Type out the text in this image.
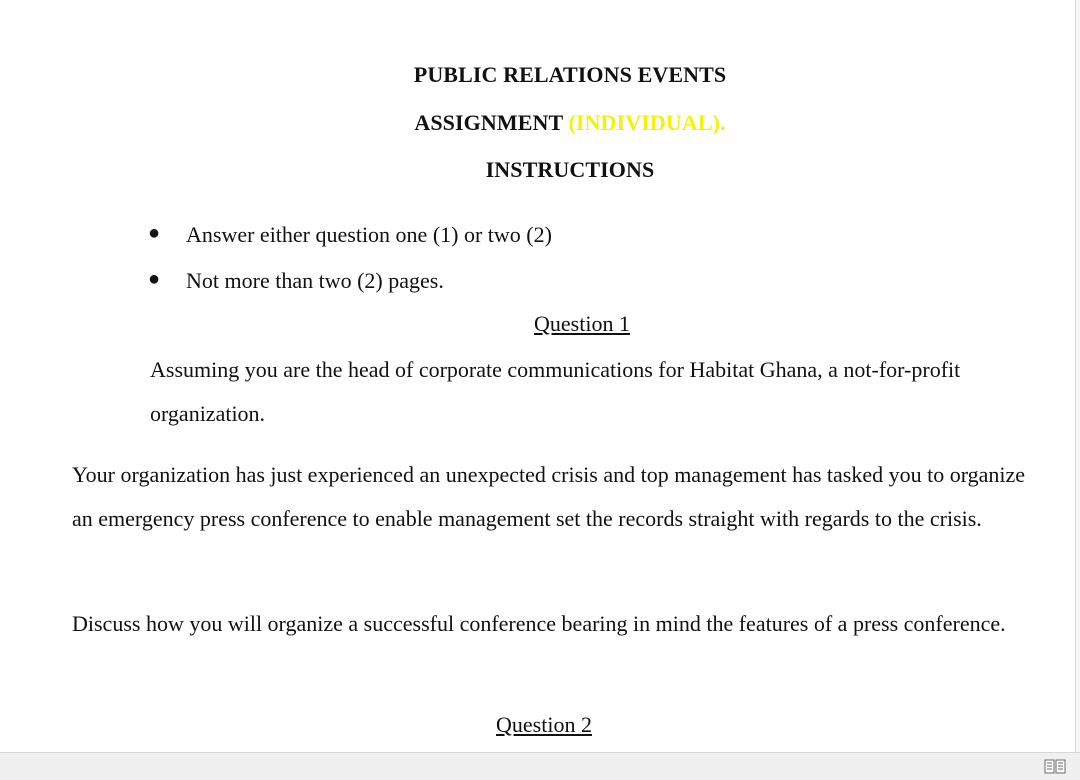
PUBLIC RELATIONS EVENTS
ASSIGNMENT (INDIVIDUAL).
INSTRUCTIONS
● Answer either question one (1) or two (2)
● Not more than two (2) pages.
Question 1
Assuming you are the head of corporate communications for Habitat Ghana, a not-for-profit organization.
Your organization has just experienced an unexpected crisis and top management has tasked you to organize an emergency press conference to enable management set the records straight with regards to the crisis.
Discuss how you will organize a successful conference bearing in mind the features of a press conference.
Question 2
